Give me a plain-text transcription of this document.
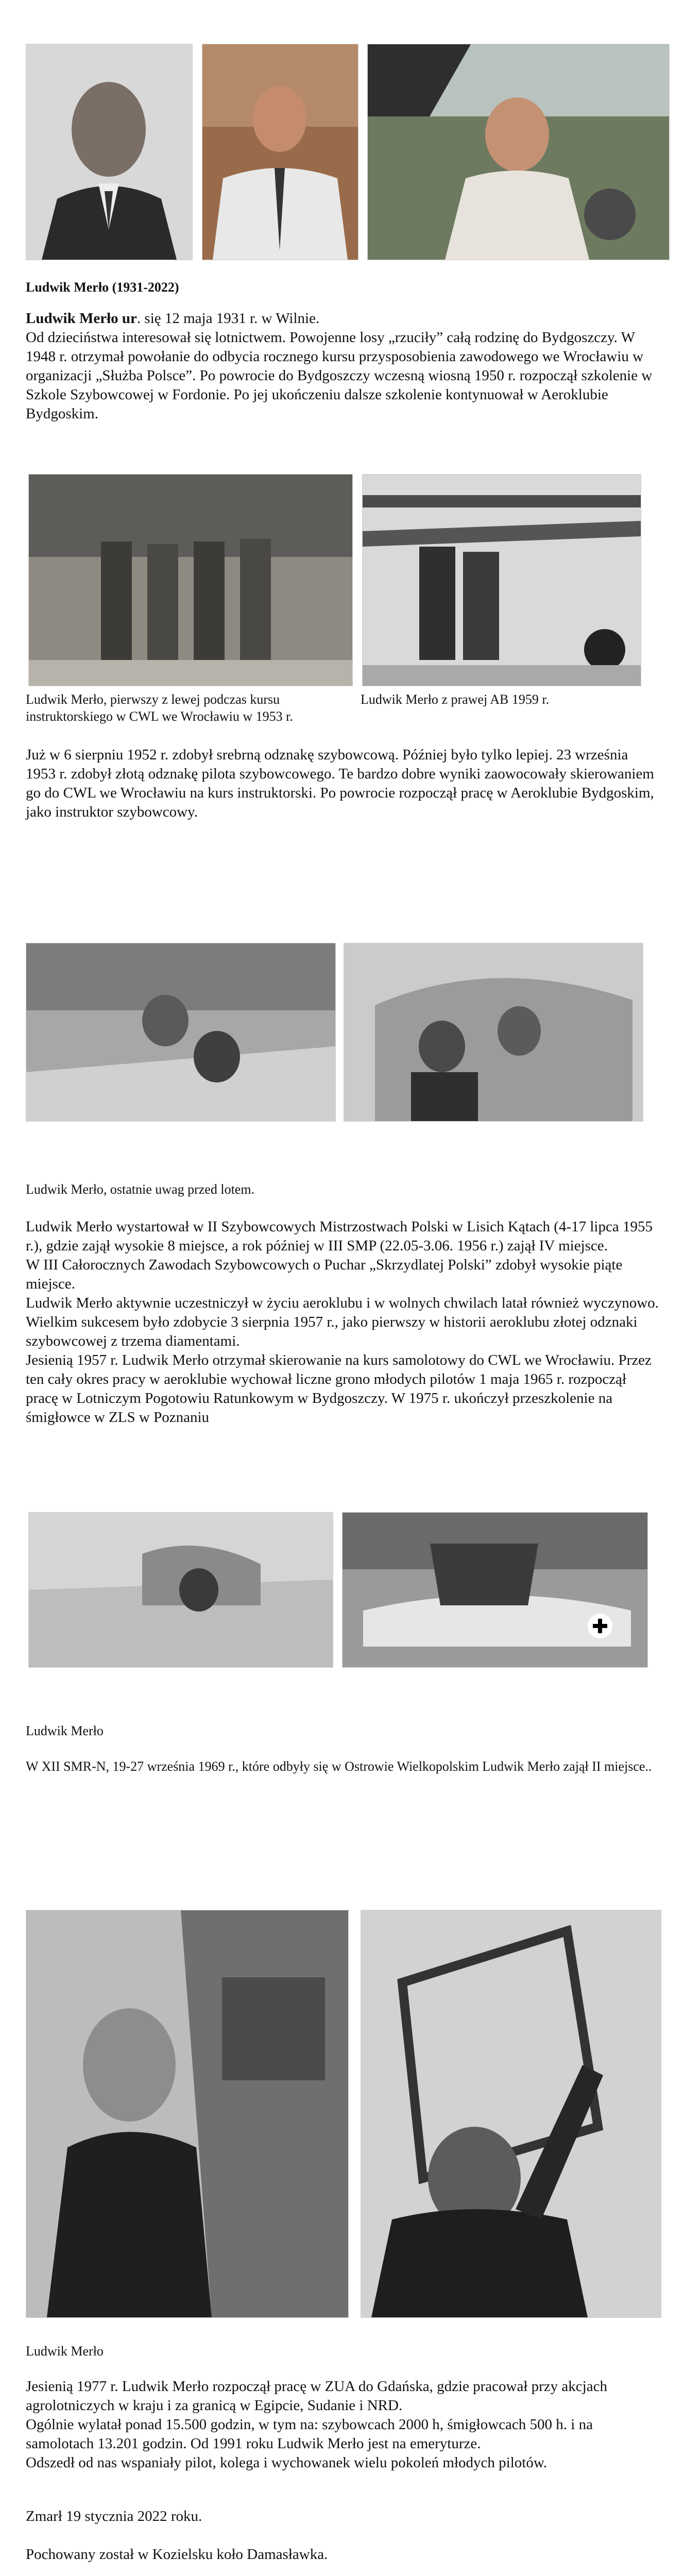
Ludwik Merło (1931-2022)

Ludwik Merło ur. się 12 maja 1931 r. w Wilnie.

Od dzieciństwa interesował się lotnictwem. Powojenne losy „rzuciły” całą rodzinę do Bydgoszczy. W 1948 r. otrzymał powołanie do odbycia rocznego kursu przysposobienia zawodowego we Wrocławiu w organizacji „Służba Polsce”. Po powrocie do Bydgoszczy wczesną wiosną 1950 r. rozpoczął szkolenie w Szkole Szybowcowej w Fordonie. Po jej ukończeniu dalsze szkolenie kontynuował w Aeroklubie Bydgoskim.

Ludwik Merło, pierwszy z lewej podczas kursu instruktorskiego w CWL we Wrocławiu w 1953 r.
Ludwik Merło z prawej AB 1959 r.

Już w 6 sierpniu 1952 r. zdobył srebrną odznakę szybowcową. Później było tylko lepiej. 23 września 1953 r. zdobył złotą odznakę pilota szybowcowego. Te bardzo dobre wyniki zaowocowały skierowaniem go do CWL we Wrocławiu na kurs instruktorski. Po powrocie rozpoczął pracę w Aeroklubie Bydgoskim, jako instruktor szybowcowy.

Ludwik Merło, ostatnie uwag przed lotem.

Ludwik Merło wystartował w II Szybowcowych Mistrzostwach Polski w Lisich Kątach (4-17 lipca 1955 r.), gdzie zajął wysokie 8 miejsce, a rok później w III SMP (22.05-3.06. 1956 r.) zajął IV miejsce.

W III Całorocznych Zawodach Szybowcowych o Puchar „Skrzydlatej Polski” zdobył wysokie piąte miejsce.

Ludwik Merło aktywnie uczestniczył w życiu aeroklubu i w wolnych chwilach latał również wyczynowo. Wielkim sukcesem było zdobycie 3 sierpnia 1957 r., jako pierwszy w historii aeroklubu złotej odznaki szybowcowej z trzema diamentami.

Jesienią 1957 r. Ludwik Merło otrzymał skierowanie na kurs samolotowy do CWL we Wrocławiu. Przez ten cały okres pracy w aeroklubie wychował liczne grono młodych pilotów 1 maja 1965 r. rozpoczął pracę w Lotniczym Pogotowiu Ratunkowym w Bydgoszczy. W 1975 r. ukończył przeszkolenie na śmigłowce w ZLS w Poznaniu

Ludwik Merło
W XII SMR-N, 19-27 września 1969 r., które odbyły się w Ostrowie Wielkopolskim Ludwik Merło zajął II miejsce..
Ludwik Merło

Jesienią 1977 r. Ludwik Merło rozpoczął pracę w ZUA do Gdańska, gdzie pracował przy akcjach agrolotniczych w kraju i za granicą w Egipcie, Sudanie i NRD.

Ogólnie wylatał ponad 15.500 godzin, w tym na: szybowcach 2000 h, śmigłowcach 500 h. i na samolotach 13.201 godzin. Od 1991 roku Ludwik Merło jest na emeryturze.

Odszedł od nas wspaniały pilot, kolega i wychowanek wielu pokoleń młodych pilotów.

Zmarł 19 stycznia 2022 roku.
Pochowany został w Kozielsku koło Damasławka.
